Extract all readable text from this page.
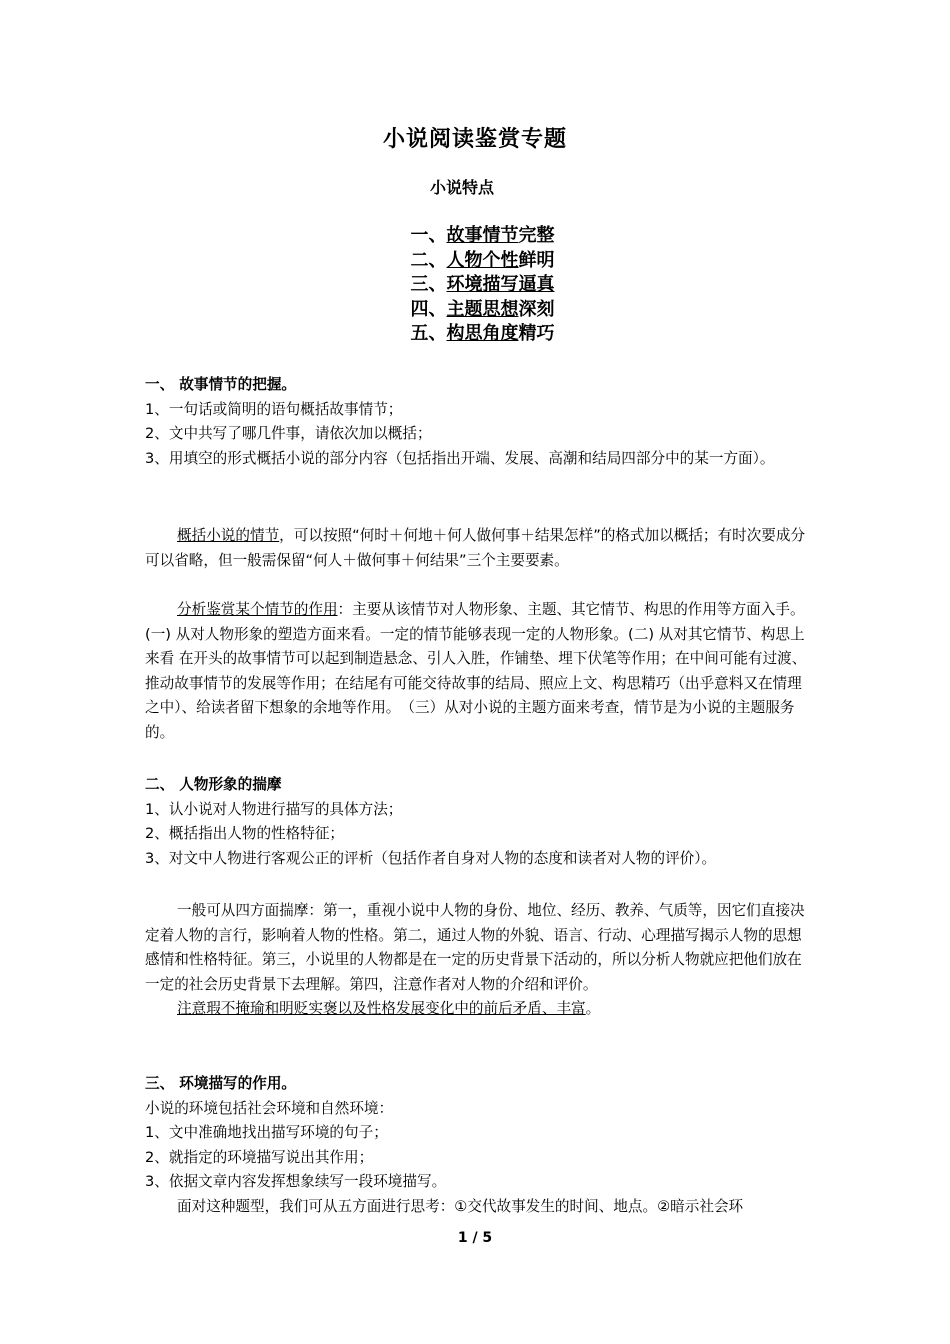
小说阅读鉴赏专题
小说特点
一、故事情节完整
二、人物个性鲜明
三、环境描写逼真
四、主题思想深刻
五、构思角度精巧

一、 故事情节的把握。

1、一句话或简明的语句概括故事情节；

2、文中共写了哪几件事，请依次加以概括；

3、用填空的形式概括小说的部分内容（包括指出开端、发展、高潮和结局四部分中的某一方面）。

概括小说的情节，可以按照“何时＋何地＋何人做何事＋结果怎样”的格式加以概括；有时次要成分可以省略，但一般需保留“何人＋做何事＋何结果”三个主要要素。

分析鉴赏某个情节的作用：主要从该情节对人物形象、主题、其它情节、构思的作用等方面入手。(一) 从对人物形象的塑造方面来看。一定的情节能够表现一定的人物形象。(二) 从对其它情节、构思上来看 在开头的故事情节可以起到制造悬念、引人入胜，作铺垫、埋下伏笔等作用；在中间可能有过渡、推动故事情节的发展等作用；在结尾有可能交待故事的结局、照应上文、构思精巧（出乎意料又在情理之中）、给读者留下想象的余地等作用。　（三）从对小说的主题方面来考查，情节是为小说的主题服务的。

二、 人物形象的揣摩

1、认小说对人物进行描写的具体方法；

2、概括指出人物的性格特征；

3、对文中人物进行客观公正的评析（包括作者自身对人物的态度和读者对人物的评价）。

一般可从四方面揣摩：第一，重视小说中人物的身份、地位、经历、教养、气质等，因它们直接决定着人物的言行，影响着人物的性格。第二，通过人物的外貌、语言、行动、心理描写揭示人物的思想感情和性格特征。第三，小说里的人物都是在一定的历史背景下活动的，所以分析人物就应把他们放在一定的社会历史背景下去理解。第四，注意作者对人物的介绍和评价。

注意瑕不掩瑜和明贬实褒以及性格发展变化中的前后矛盾、丰富。

三、 环境描写的作用。

小说的环境包括社会环境和自然环境：

1、文中准确地找出描写环境的句子；

2、就指定的环境描写说出其作用；

3、依据文章内容发挥想象续写一段环境描写。

面对这种题型，我们可从五方面进行思考：①交代故事发生的时间、地点。②暗示社会环

1 / 5
